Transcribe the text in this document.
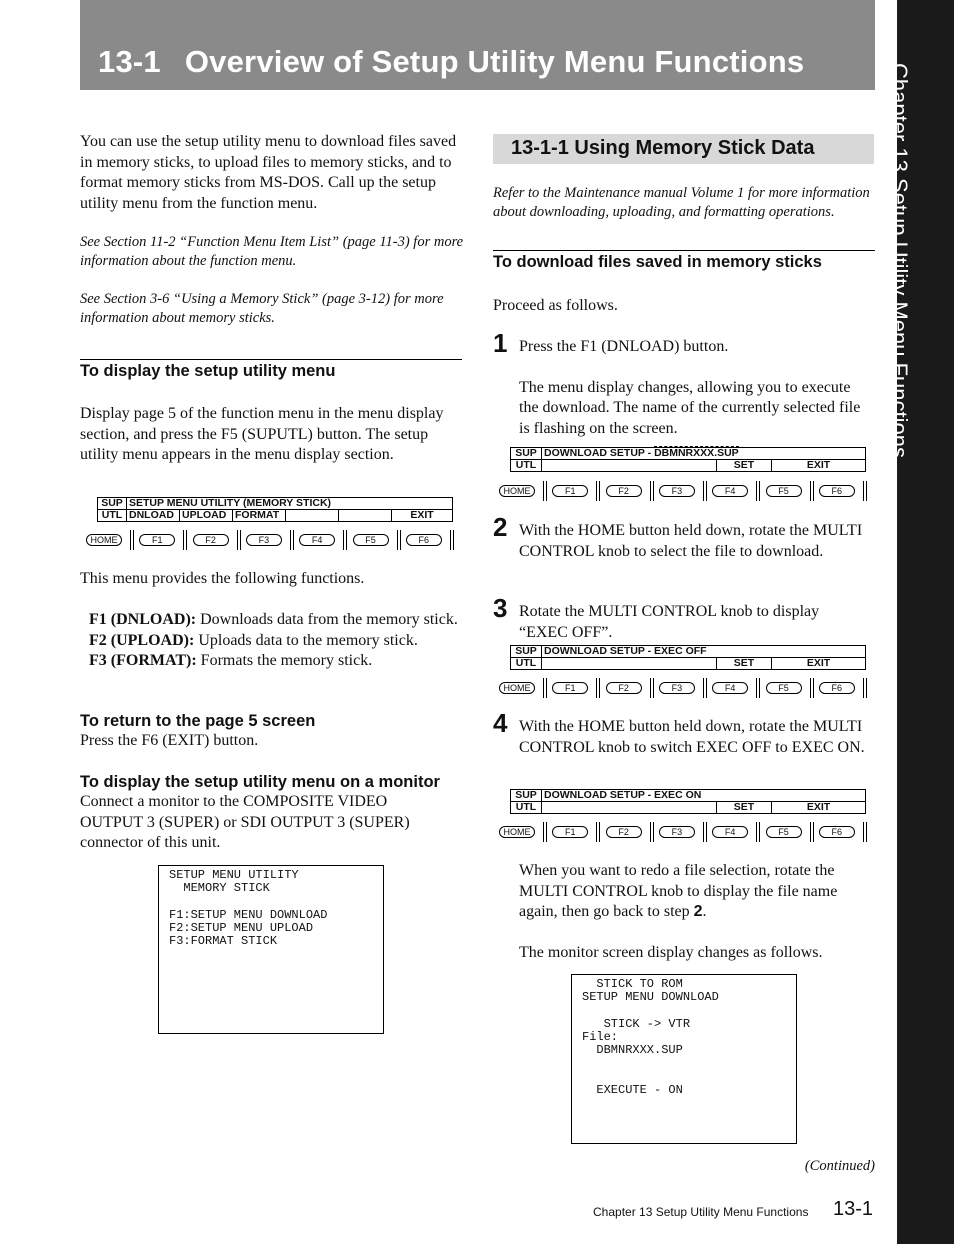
13-1 Overview of Setup Utility Menu Functions
Chapter 13 Setup Utility Menu Functions

You can use the setup utility menu to download files saved in memory sticks, to upload files to memory sticks, and to format memory sticks from MS-DOS. Call up the setup utility menu from the function menu.

See Section 11-2 “Function Menu Item List” (page 11-3) for more information about the function menu.

See Section 3-6 “Using a Memory Stick” (page 3-12) for more information about memory sticks.

To display the setup utility menu

Display page 5 of the function menu in the menu display section, and press the F5 (SUPUTL) button. The setup utility menu appears in the menu display section.

SUP	SETUP MENU UTILITY (MEMORY STICK)					
UTL	DNLOAD	UPLOAD	FORMAT			EXIT
HOME	F1	F2	F3	F4	F5	F6

This menu provides the following functions.

F1 (DNLOAD): Downloads data from the memory stick.

F2 (UPLOAD): Uploads data to the memory stick.

F3 (FORMAT): Formats the memory stick.

To return to the page 5 screen

Press the F6 (EXIT) button.

To display the setup utility menu on a monitor

Connect a monitor to the COMPOSITE VIDEO OUTPUT 3 (SUPER) or SDI OUTPUT 3 (SUPER) connector of this unit.

SETUP MENU UTILITY
MEMORY STICK

F1:SETUP MENU DOWNLOAD
F2:SETUP MENU UPLOAD
F3:FORMAT STICK

13-1-1 Using Memory Stick Data

Refer to the Maintenance manual Volume 1 for more information about downloading, uploading, and formatting operations.

To download files saved in memory sticks

Proceed as follows.

1 Press the F1 (DNLOAD) button.

The menu display changes, allowing you to execute the download. The name of the currently selected file is flashing on the screen.

SUP	DOWNLOAD SETUP - DBMNRXXX.SUP		
UTL		SET	EXIT
HOME	F1	F2	F3	F4	F5	F6
2 With the HOME button held down, rotate the MULTI CONTROL knob to select the file to download.

3 Rotate the MULTI CONTROL knob to display “EXEC OFF”.

SUP	DOWNLOAD SETUP - EXEC OFF		
UTL		SET	EXIT
HOME	F1	F2	F3	F4	F5	F6
4 With the HOME button held down, rotate the MULTI CONTROL knob to switch EXEC OFF to EXEC ON.

SUP	DOWNLOAD SETUP - EXEC ON		
UTL		SET	EXIT
HOME	F1	F2	F3	F4	F5	F6

When you want to redo a file selection, rotate the MULTI CONTROL knob to display the file name again, then go back to step 2.

The monitor screen display changes as follows.

STICK TO ROM
SETUP MENU DOWNLOAD

STICK -> VTR
File:
DBMNRXXX.SUP

EXECUTE - ON

(Continued)

Chapter 13 Setup Utility Menu Functions 13-1
